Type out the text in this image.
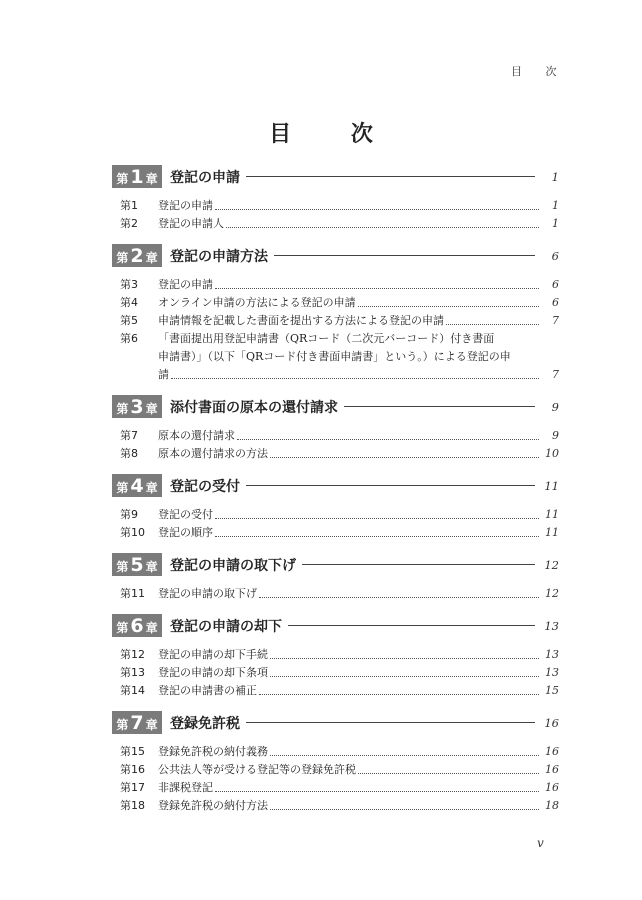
目 次
目 次
第 1 章 登記の申請	1
第1	登記の申請	1
第2	登記の申請人	1
第 2 章 登記の申請方法	6
第3	登記の申請	6
第4	オンライン申請の方法による登記の申請	6
第5	申請情報を記載した書面を提出する方法による登記の申請	7
第6	「書面提出用登記申請書（QRコード（二次元バーコード）付き書面
申請書）」（以下「QRコード付き書面申請書」という。）による登記の申
請	7
第 3 章 添付書面の原本の還付請求	9
第7	原本の還付請求	9
第8	原本の還付請求の方法	10
第 4 章 登記の受付	11
第9	登記の受付	11
第10	登記の順序	11
第 5 章 登記の申請の取下げ	12
第11	登記の申請の取下げ	12
第 6 章 登記の申請の却下	13
第12	登記の申請の却下手続	13
第13	登記の申請の却下条項	13
第14	登記の申請書の補正	15
第 7 章 登録免許税	16
第15	登録免許税の納付義務	16
第16	公共法人等が受ける登記等の登録免許税	16
第17	非課税登記	16
第18	登録免許税の納付方法	18
v
